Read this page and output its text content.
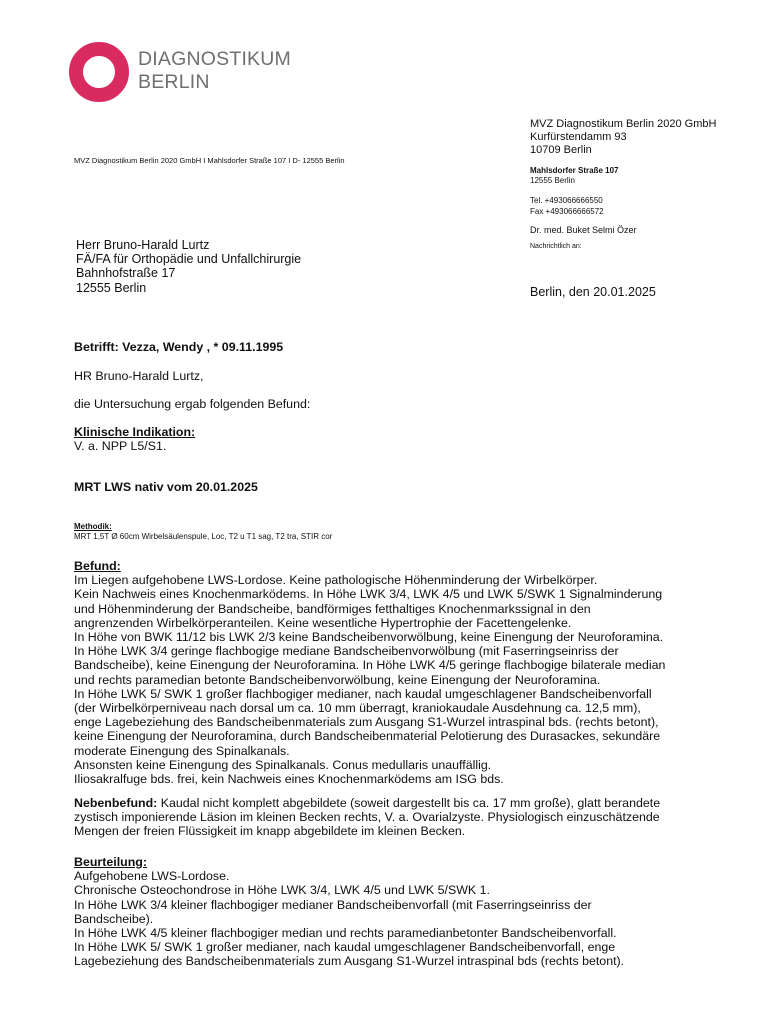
DIAGNOSTIKUM
BERLIN
MVZ Diagnostikum Berlin 2020 GmbH I Mahlsdorfer Straße 107 I D- 12555 Berlin
Herr Bruno-Harald Lurtz
FÄ/FA für Orthopädie und Unfallchirurgie
Bahnhofstraße 17
12555 Berlin
MVZ Diagnostikum Berlin 2020 GmbH
Kurfürstendamm 93
10709 Berlin
Mahlsdorfer Straße 107
12555 Berlin
Tel. +493066666550
Fax +493066666572
Dr. med. Buket Selmi Özer
Nachrichtlich an:
Berlin, den 20.01.2025
Betrifft: Vezza, Wendy , * 09.11.1995
HR Bruno-Harald Lurtz,
die Untersuchung ergab folgenden Befund:
Klinische Indikation:
V. a. NPP L5/S1.
MRT LWS nativ vom 20.01.2025
Methodik:
MRT 1,5T Ø 60cm Wirbelsäulenspule, Loc, T2 u T1 sag, T2 tra, STIR cor
Befund:
Im Liegen aufgehobene LWS-Lordose. Keine pathologische Höhenminderung der Wirbelkörper.
Kein Nachweis eines Knochenmarködems. In Höhe LWK 3/4, LWK 4/5 und LWK 5/SWK 1 Signalminderung
und Höhenminderung der Bandscheibe, bandförmiges fetthaltiges Knochenmarkssignal in den
angrenzenden Wirbelkörperanteilen. Keine wesentliche Hypertrophie der Facettengelenke.
In Höhe von BWK 11/12 bis LWK 2/3 keine Bandscheibenvorwölbung, keine Einengung der Neuroforamina.
In Höhe LWK 3/4 geringe flachbogige mediane Bandscheibenvorwölbung (mit Faserringseinriss der
Bandscheibe), keine Einengung der Neuroforamina. In Höhe LWK 4/5 geringe flachbogige bilaterale median
und rechts paramedian betonte Bandscheibenvorwölbung, keine Einengung der Neuroforamina.
In Höhe LWK 5/ SWK 1 großer flachbogiger medianer, nach kaudal umgeschlagener Bandscheibenvorfall
(der Wirbelkörperniveau nach dorsal um ca. 10 mm überragt, kraniokaudale Ausdehnung ca. 12,5 mm),
enge Lagebeziehung des Bandscheibenmaterials zum Ausgang S1-Wurzel intraspinal bds. (rechts betont),
keine Einengung der Neuroforamina, durch Bandscheibenmaterial Pelotierung des Durasackes, sekundäre
moderate Einengung des Spinalkanals.
Ansonsten keine Einengung des Spinalkanals. Conus medullaris unauffällig.
Iliosakralfuge bds. frei, kein Nachweis eines Knochenmarködems am ISG bds.
Nebenbefund: Kaudal nicht komplett abgebildete (soweit dargestellt bis ca. 17 mm große), glatt berandete
zystisch imponierende Läsion im kleinen Becken rechts, V. a. Ovarialzyste. Physiologisch einzuschätzende
Mengen der freien Flüssigkeit im knapp abgebildete im kleinen Becken.
Beurteilung:
Aufgehobene LWS-Lordose.
Chronische Osteochondrose in Höhe LWK 3/4, LWK 4/5 und LWK 5/SWK 1.
In Höhe LWK 3/4 kleiner flachbogiger medianer Bandscheibenvorfall (mit Faserringseinriss der
Bandscheibe).
In Höhe LWK 4/5 kleiner flachbogiger median und rechts paramedianbetonter Bandscheibenvorfall.
In Höhe LWK 5/ SWK 1 großer medianer, nach kaudal umgeschlagener Bandscheibenvorfall, enge
Lagebeziehung des Bandscheibenmaterials zum Ausgang S1-Wurzel intraspinal bds (rechts betont).
